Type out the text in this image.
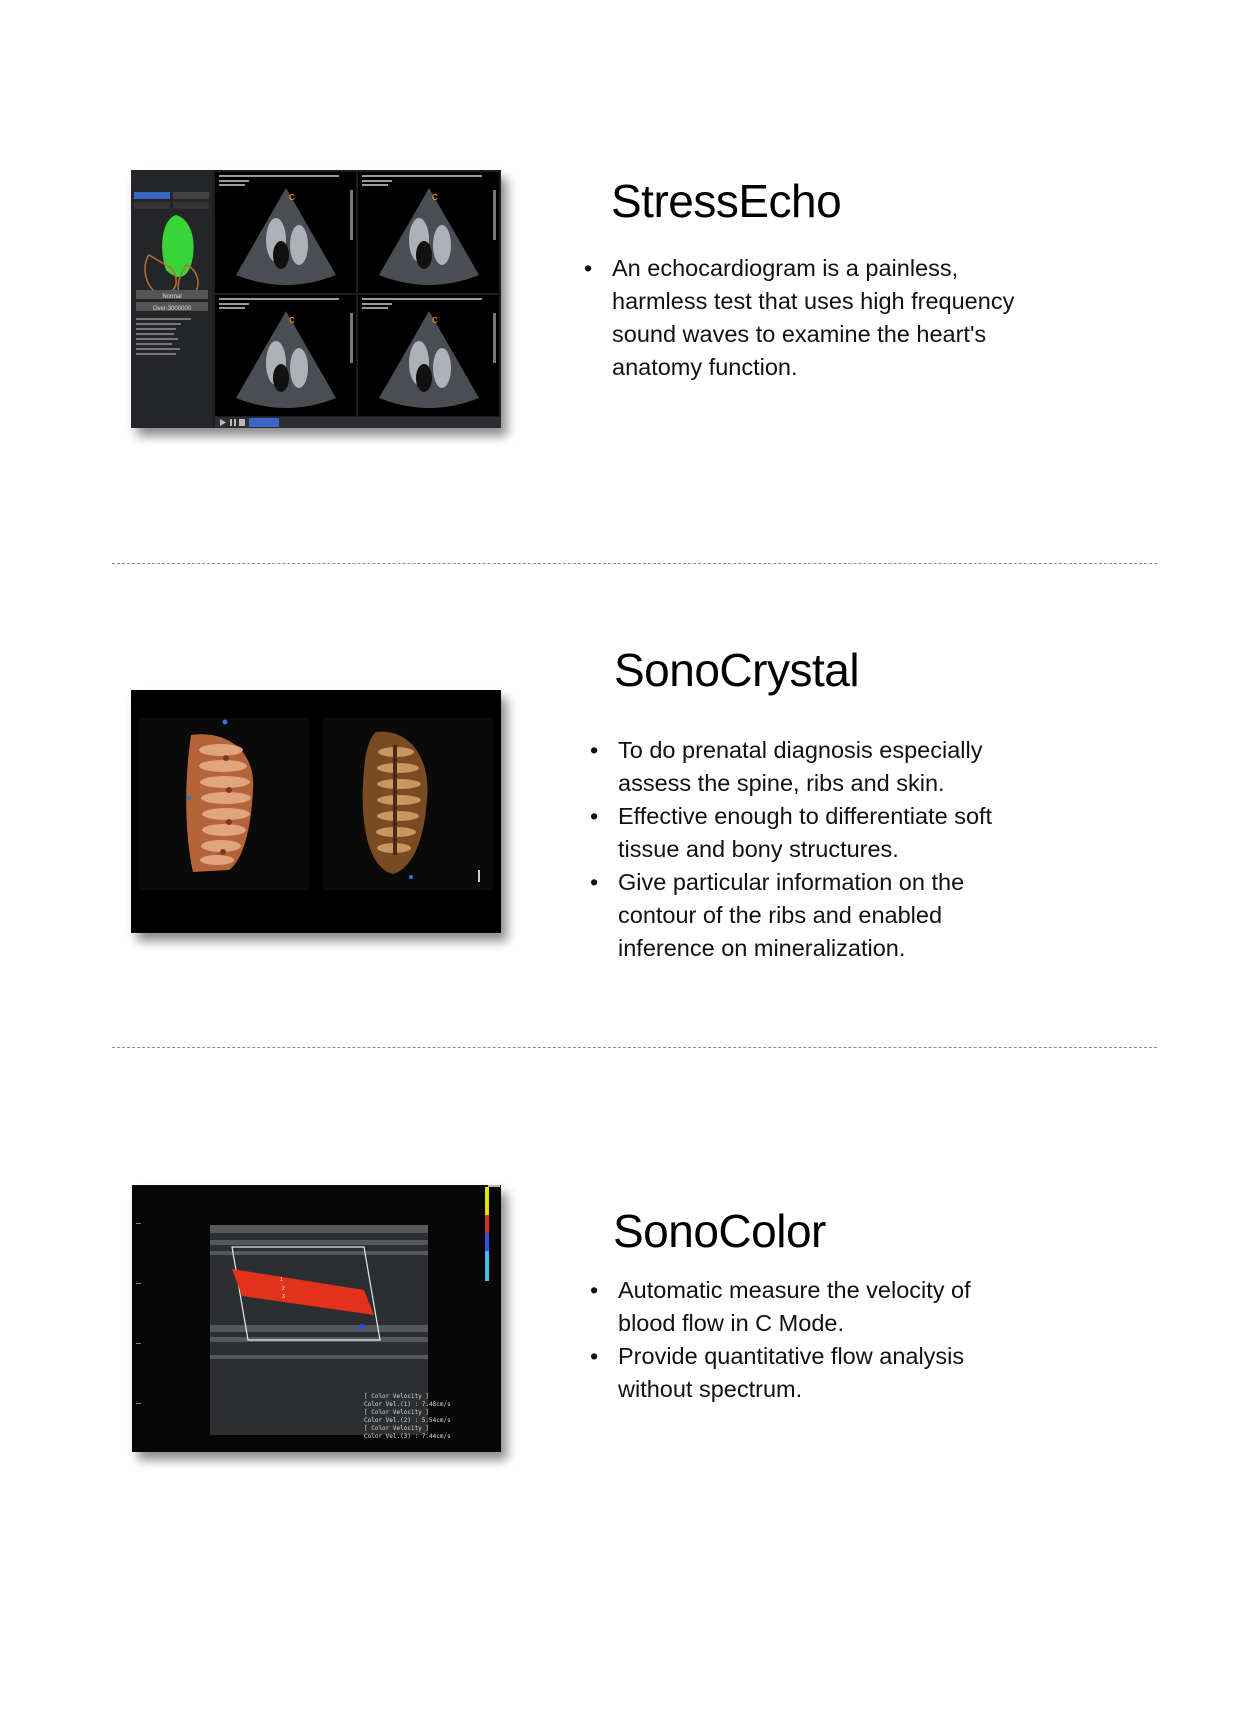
Normal
Over-3000000
C	C
C	C
StressEcho
• An echocardiogram is a painless, harmless test that uses high frequency sound waves to examine the heart's anatomy function.
SonoCrystal
• To do prenatal diagnosis especially assess the spine, ribs and skin.
• Effective enough to differentiate soft tissue and bony structures.
• Give particular information on the contour of the ribs and enabled inference on mineralization.
1
2
3
[ Color Velocity ]
Color Vel.(1) : 7.48cm/s
[ Color Velocity ]
Color Vel.(2) : 5.54cm/s
[ Color Velocity ]
Color Vel.(3) : 7.44cm/s
SonoColor
• Automatic measure the velocity of blood flow in C Mode.
• Provide quantitative flow analysis without spectrum.
